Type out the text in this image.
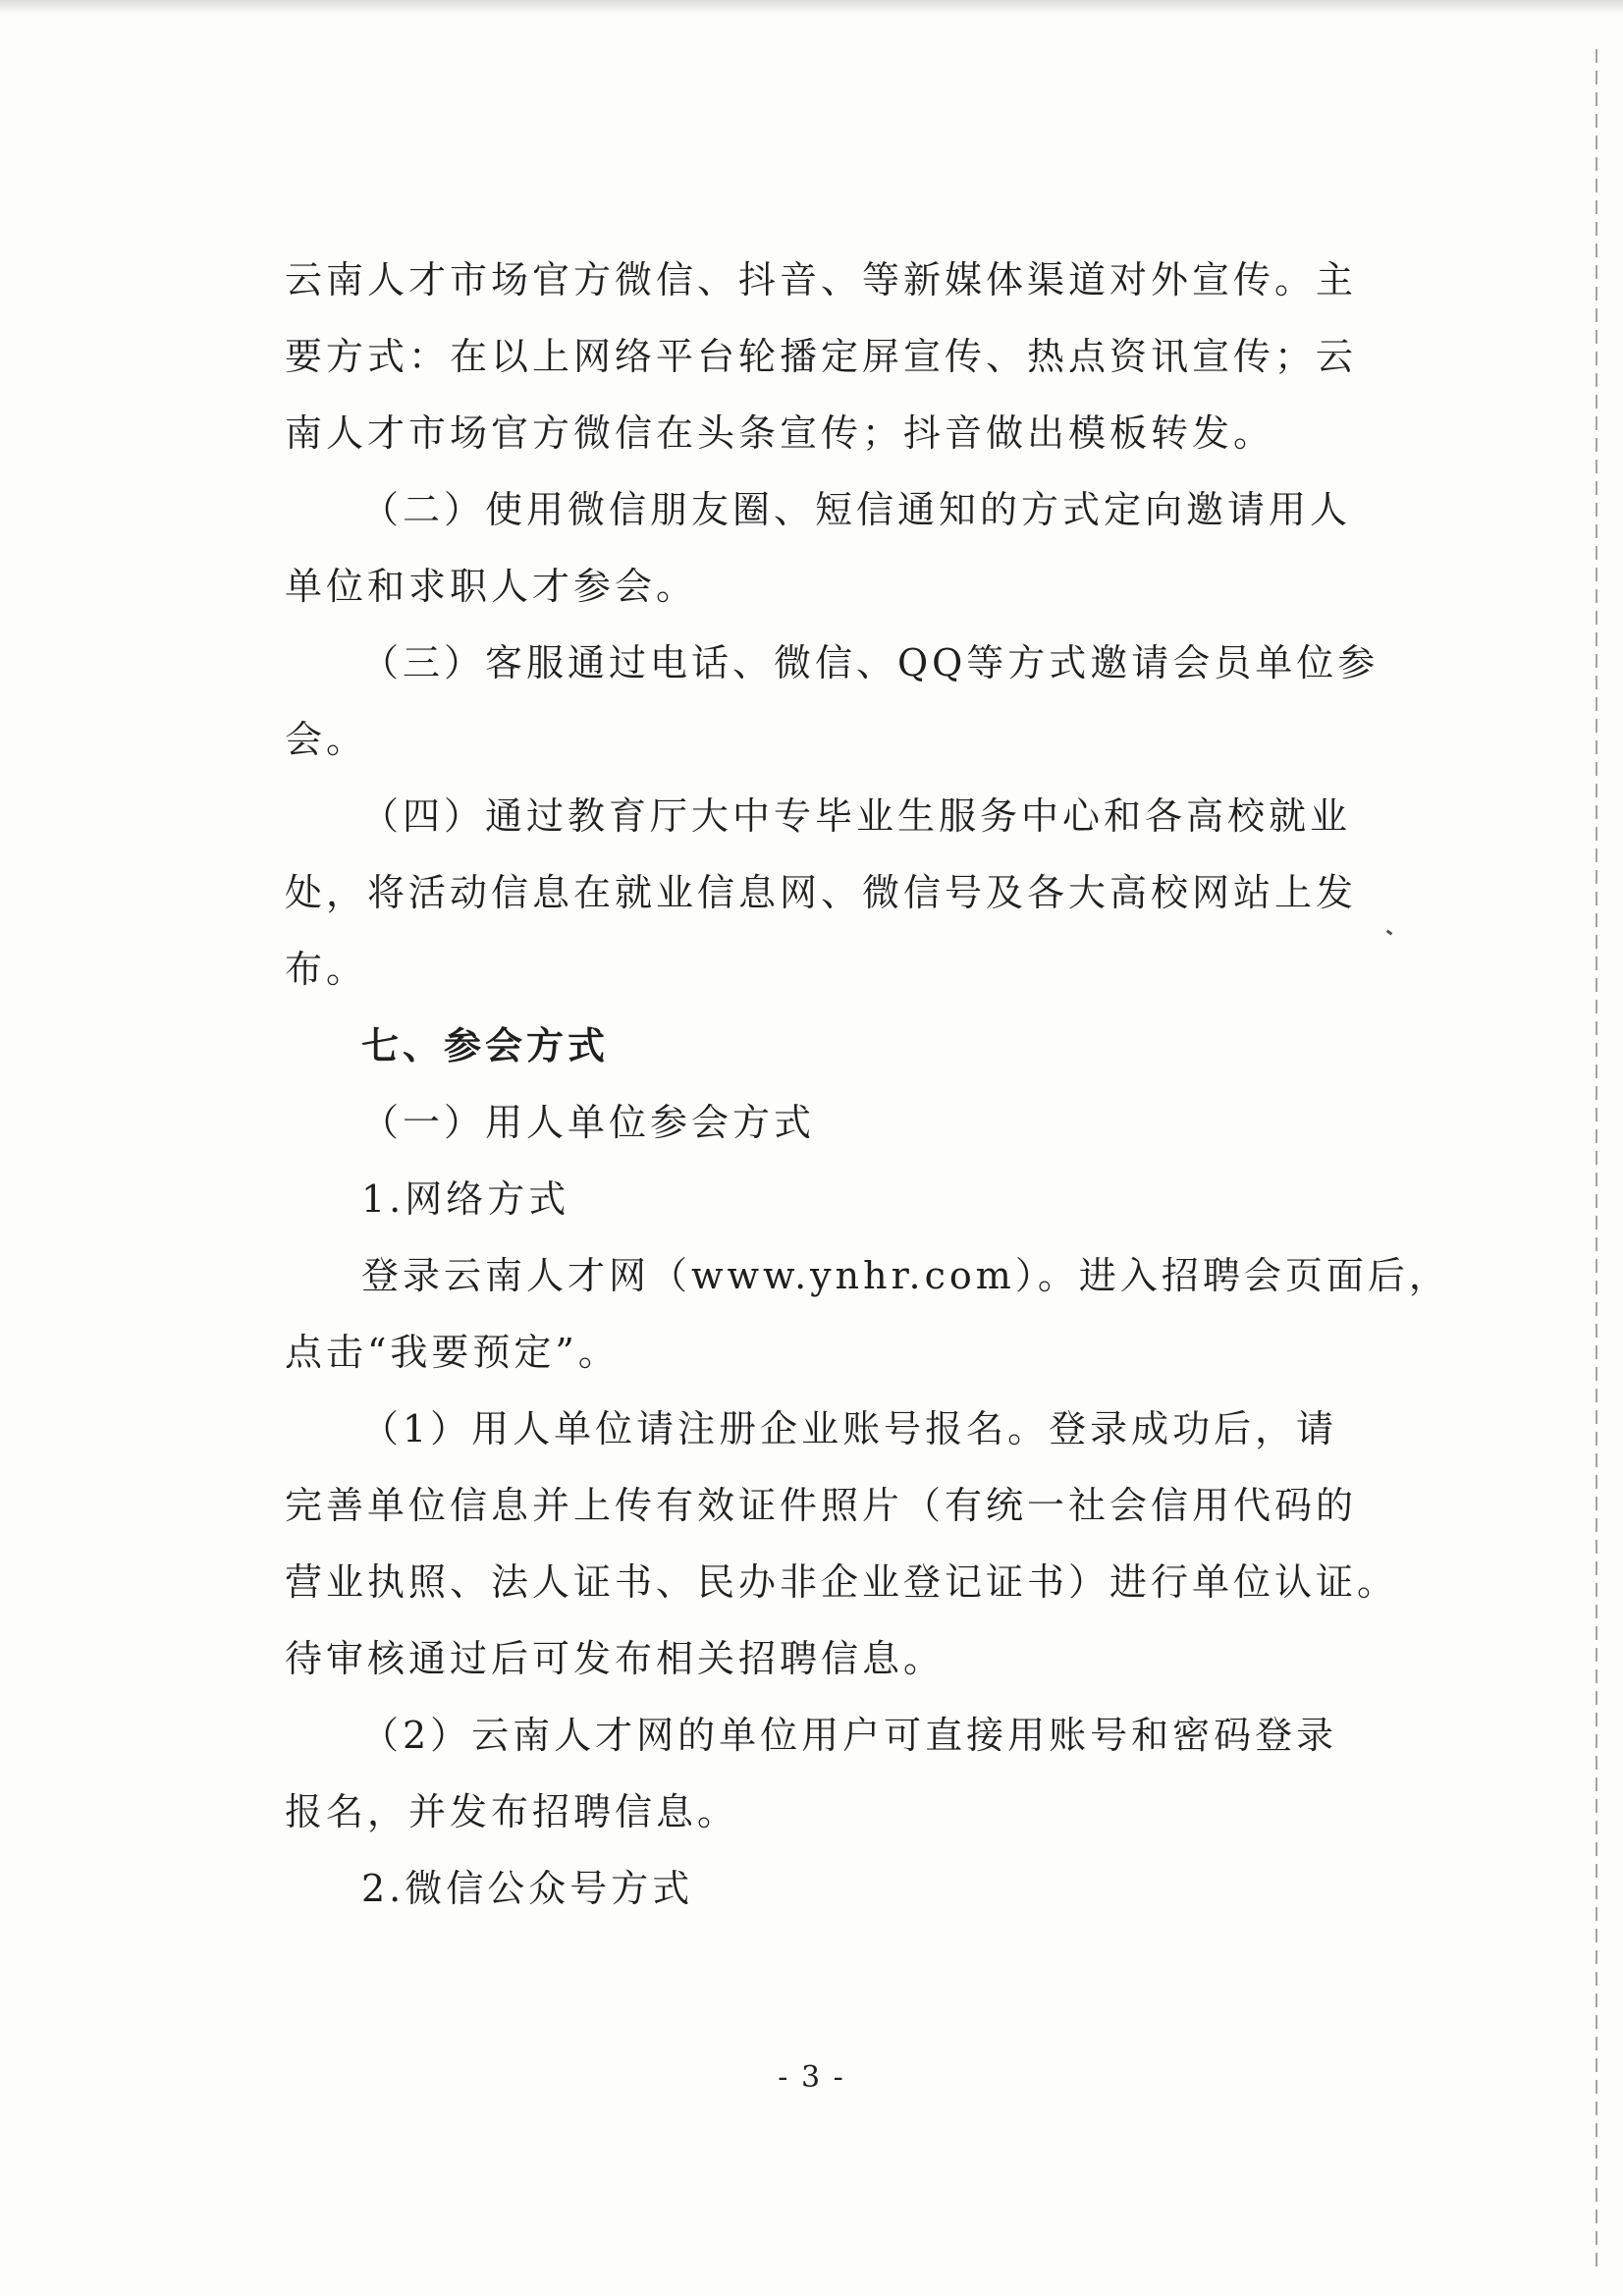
云南人才市场官方微信、抖音、等新媒体渠道对外宣传。主
要方式：在以上网络平台轮播定屏宣传、热点资讯宣传；云
南人才市场官方微信在头条宣传；抖音做出模板转发。
（二）使用微信朋友圈、短信通知的方式定向邀请用人
单位和求职人才参会。
（三）客服通过电话、微信、QQ等方式邀请会员单位参
会。
（四）通过教育厅大中专毕业生服务中心和各高校就业
处，将活动信息在就业信息网、微信号及各大高校网站上发
布。
七、参会方式
（一）用人单位参会方式
1.网络方式
登录云南人才网（www.ynhr.com）。进入招聘会页面后，
点击“我要预定”。
（1）用人单位请注册企业账号报名。登录成功后，请
完善单位信息并上传有效证件照片（有统一社会信用代码的
营业执照、法人证书、民办非企业登记证书）进行单位认证。
待审核通过后可发布相关招聘信息。
（2）云南人才网的单位用户可直接用账号和密码登录
报名，并发布招聘信息。
2.微信公众号方式
- 3 -
